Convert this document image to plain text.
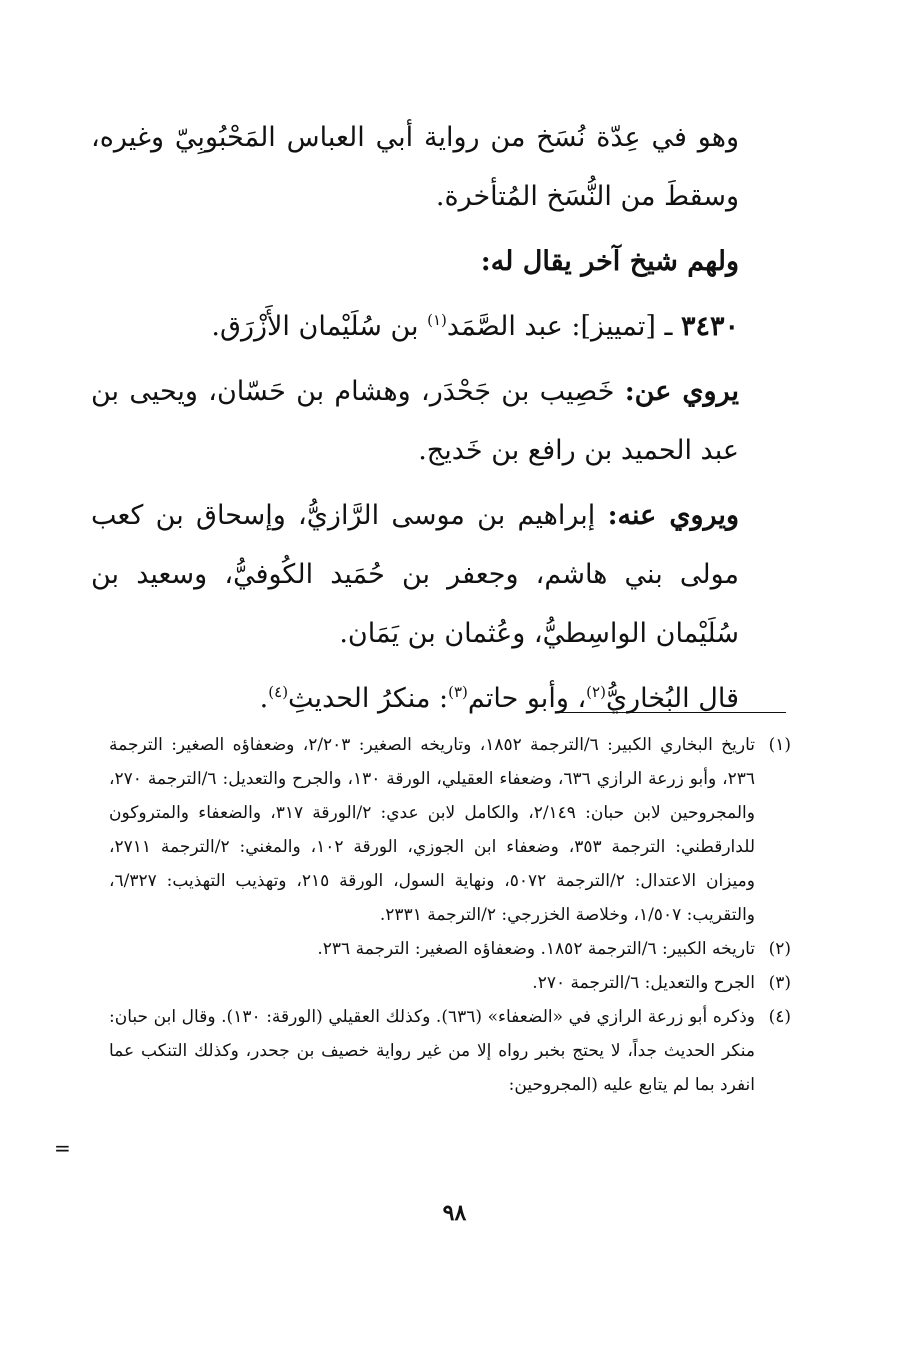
وهو في عِدّة نُسَخ من رواية أبي العباس المَحْبُوبِيّ وغيره، وسقطَ من النُّسَخ المُتأخرة.

ولهم شيخ آخر يقال له:

٣٤٣٠ ـ [تمييز]: عبد الصَّمَد$^{(١)}$ بن سُلَيْمان الأَزْرَق.

يروي عن: خَصِيب بن جَحْدَر، وهشام بن حَسّان، ويحيى بن عبد الحميد بن رافع بن خَديج.

ويروي عنه: إبراهيم بن موسى الرَّازيُّ، وإسحاق بن كعب مولى بني هاشم، وجعفر بن حُمَيد الكُوفيُّ، وسعيد بن سُلَيْمان الواسِطيُّ، وعُثمان بن يَمَان.

قال البُخاريُّ$^{(٢)}$، وأبو حاتم$^{(٣)}$: منكرُ الحديثِ$^{(٤)}$.

(١)
تاريخ البخاري الكبير: ٦/الترجمة ١٨٥٢، وتاريخه الصغير: ٢/٢٠٣، وضعفاؤه الصغير: الترجمة ٢٣٦، وأبو زرعة الرازي ٦٣٦، وضعفاء العقيلي، الورقة ١٣٠، والجرح والتعديل: ٦/الترجمة ٢٧٠، والمجروحين لابن حبان: ٢/١٤٩، والكامل لابن عدي: ٢/الورقة ٣١٧، والضعفاء والمتروكون للدارقطني: الترجمة ٣٥٣، وضعفاء ابن الجوزي، الورقة ١٠٢، والمغني: ٢/الترجمة ٢٧١١، وميزان الاعتدال: ٢/الترجمة ٥٠٧٢، ونهاية السول، الورقة ٢١٥، وتهذيب التهذيب: ٦/٣٢٧، والتقريب: ١/٥٠٧، وخلاصة الخزرجي: ٢/الترجمة ٢٣٣١.
(٢)
تاريخه الكبير: ٦/الترجمة ١٨٥٢. وضعفاؤه الصغير: الترجمة ٢٣٦.
(٣)
الجرح والتعديل: ٦/الترجمة ٢٧٠.
(٤)
وذكره أبو زرعة الرازي في «الضعفاء» (٦٣٦). وكذلك العقيلي (الورقة: ١٣٠). وقال ابن حبان: منكر الحديث جداً، لا يحتج بخبر رواه إلا من غير رواية خصيف بن جحدر، وكذلك التنكب عما انفرد بما لم يتابع عليه (المجروحين:
=
٩٨
